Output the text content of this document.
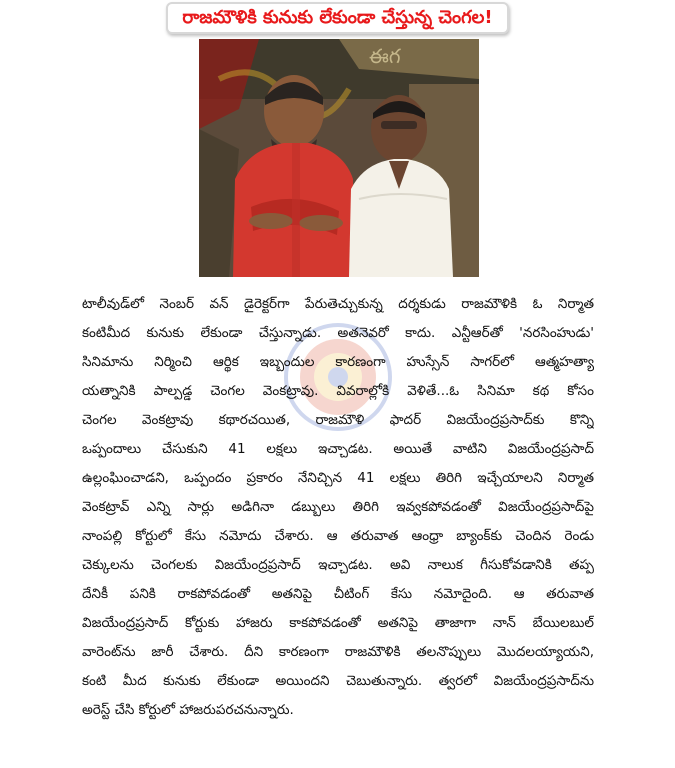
రాజమౌళికి కునుకు లేకుండా చేస్తున్న చెంగల!
ఈగ
టాలీవుడ్‌లో నెంబర్ వన్ డైరెక్టర్‌గా పేరుతెచ్చుకున్న దర్శకుడు రాజమౌళికి ఓ నిర్మాత
కంటిమీద కునుకు లేకుండా చేస్తున్నాడు. అతనెవరో కాదు. ఎన్టీఆర్‌తో 'నరసింహుడు'
సినిమాను నిర్మించి ఆర్థిక ఇబ్బందుల కారణంగా హుస్సేన్ సాగర్‌లో ఆత్మహత్యా
యత్నానికి పాల్పడ్డ చెంగల వెంకట్రావు. వివరాల్లోకి వెళితే...ఓ సినిమా కథ కోసం
చెంగల వెంకట్రావు కథారచయిత, రాజమౌళి ఫాదర్ విజయేంద్రప్రసాద్‌కు కొన్ని
ఒప్పందాలు చేసుకుని 41 లక్షలు ఇచ్చాడట. అయితే వాటిని విజయేంద్రప్రసాద్
ఉల్లంఘించాడని, ఒప్పందం ప్రకారం నేనిచ్చిన 41 లక్షలు తిరిగి ఇచ్చేయాలని నిర్మాత
వెంకట్రావ్ ఎన్ని సార్లు అడిగినా డబ్బులు తిరిగి ఇవ్వకపోవడంతో విజయేంద్రప్రసాద్‌పై
నాంపల్లి కోర్టులో కేసు నమోదు చేశారు. ఆ తరువాత ఆంధ్రా బ్యాంక్‌కు చెందిన రెండు
చెక్కులను చెంగలకు విజయేంద్రప్రసాద్ ఇచ్చాడట. అవి నాలుక గీసుకోవడానికి తప్ప
దేనికీ పనికి రాకపోవడంతో అతనిపై చీటింగ్ కేసు నమోదైంది. ఆ తరువాత
విజయేంద్రప్రసాద్ కోర్టుకు హాజరు కాకపోవడంతో అతనిపై తాజాగా నాన్ బేయిలబుల్
వారెంట్‌ను జారీ చేశారు. దీని కారణంగా రాజమౌళికి తలనొప్పులు మొదలయ్యాయని,
కంటి మీద కునుకు లేకుండా అయిందని చెబుతున్నారు. త్వరలో విజయేంద్రప్రసాద్‌ను
అరెస్ట్ చేసి కోర్టులో హాజరుపరచనున్నారు.
